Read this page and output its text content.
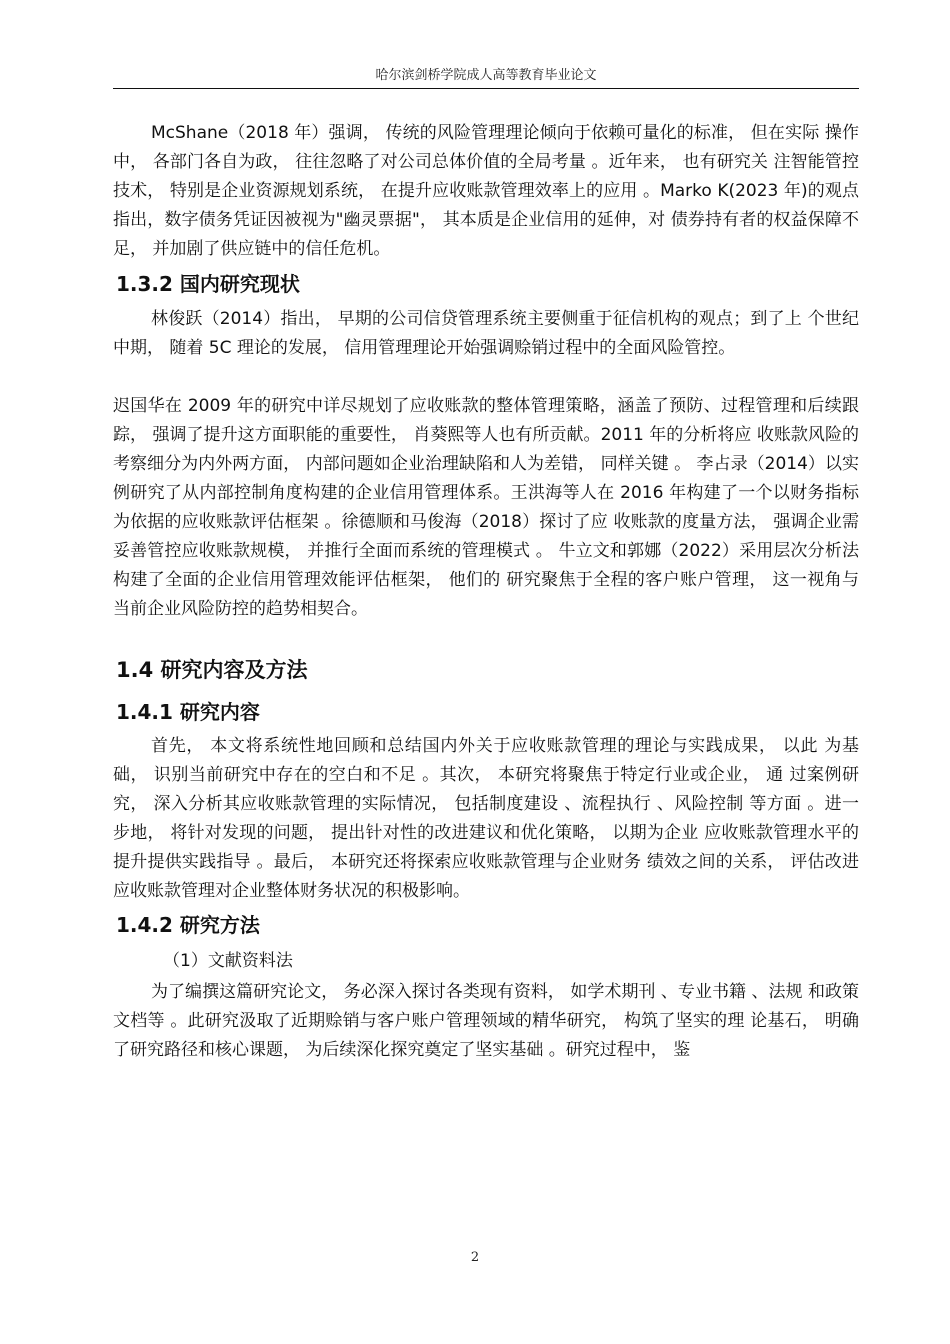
哈尔滨剑桥学院成人高等教育毕业论文

McShane（2018 年）强调， 传统的风险管理理论倾向于依赖可量化的标准， 但在实际 操作中， 各部门各自为政， 往往忽略了对公司总体价值的全局考量 。近年来， 也有研究关 注智能管控技术， 特别是企业资源规划系统， 在提升应收账款管理效率上的应用 。Marko K(2023 年)的观点指出，数字债务凭证因被视为"幽灵票据"， 其本质是企业信用的延伸，对 债券持有者的权益保障不足， 并加剧了供应链中的信任危机。

1.3.2 国内研究现状

林俊跃（2014）指出， 早期的公司信贷管理系统主要侧重于征信机构的观点；到了上 个世纪中期， 随着 5C 理论的发展， 信用管理理论开始强调赊销过程中的全面风险管控。

迟国华在 2009 年的研究中详尽规划了应收账款的整体管理策略，涵盖了预防、过程管理和后续跟踪， 强调了提升这方面职能的重要性， 肖葵熙等人也有所贡献。2011 年的分析将应 收账款风险的考察细分为内外两方面， 内部问题如企业治理缺陷和人为差错， 同样关键 。 李占录（2014）以实例研究了从内部控制角度构建的企业信用管理体系。王洪海等人在 2016 年构建了一个以财务指标为依据的应收账款评估框架 。徐德顺和马俊海（2018）探讨了应 收账款的度量方法， 强调企业需妥善管控应收账款规模， 并推行全面而系统的管理模式 。 牛立文和郭娜（2022）采用层次分析法构建了全面的企业信用管理效能评估框架， 他们的 研究聚焦于全程的客户账户管理， 这一视角与当前企业风险防控的趋势相契合。

1.4 研究内容及方法
1.4.1 研究内容

首先， 本文将系统性地回顾和总结国内外关于应收账款管理的理论与实践成果， 以此 为基础， 识别当前研究中存在的空白和不足 。其次， 本研究将聚焦于特定行业或企业， 通 过案例研究， 深入分析其应收账款管理的实际情况， 包括制度建设 、流程执行 、风险控制 等方面 。进一步地， 将针对发现的问题， 提出针对性的改进建议和优化策略， 以期为企业 应收账款管理水平的提升提供实践指导 。最后， 本研究还将探索应收账款管理与企业财务 绩效之间的关系， 评估改进应收账款管理对企业整体财务状况的积极影响。

1.4.2 研究方法

（1）文献资料法

为了编撰这篇研究论文， 务必深入探讨各类现有资料， 如学术期刊 、专业书籍 、法规 和政策文档等 。此研究汲取了近期赊销与客户账户管理领域的精华研究， 构筑了坚实的理 论基石， 明确了研究路径和核心课题， 为后续深化探究奠定了坚实基础 。研究过程中， 鉴

2
